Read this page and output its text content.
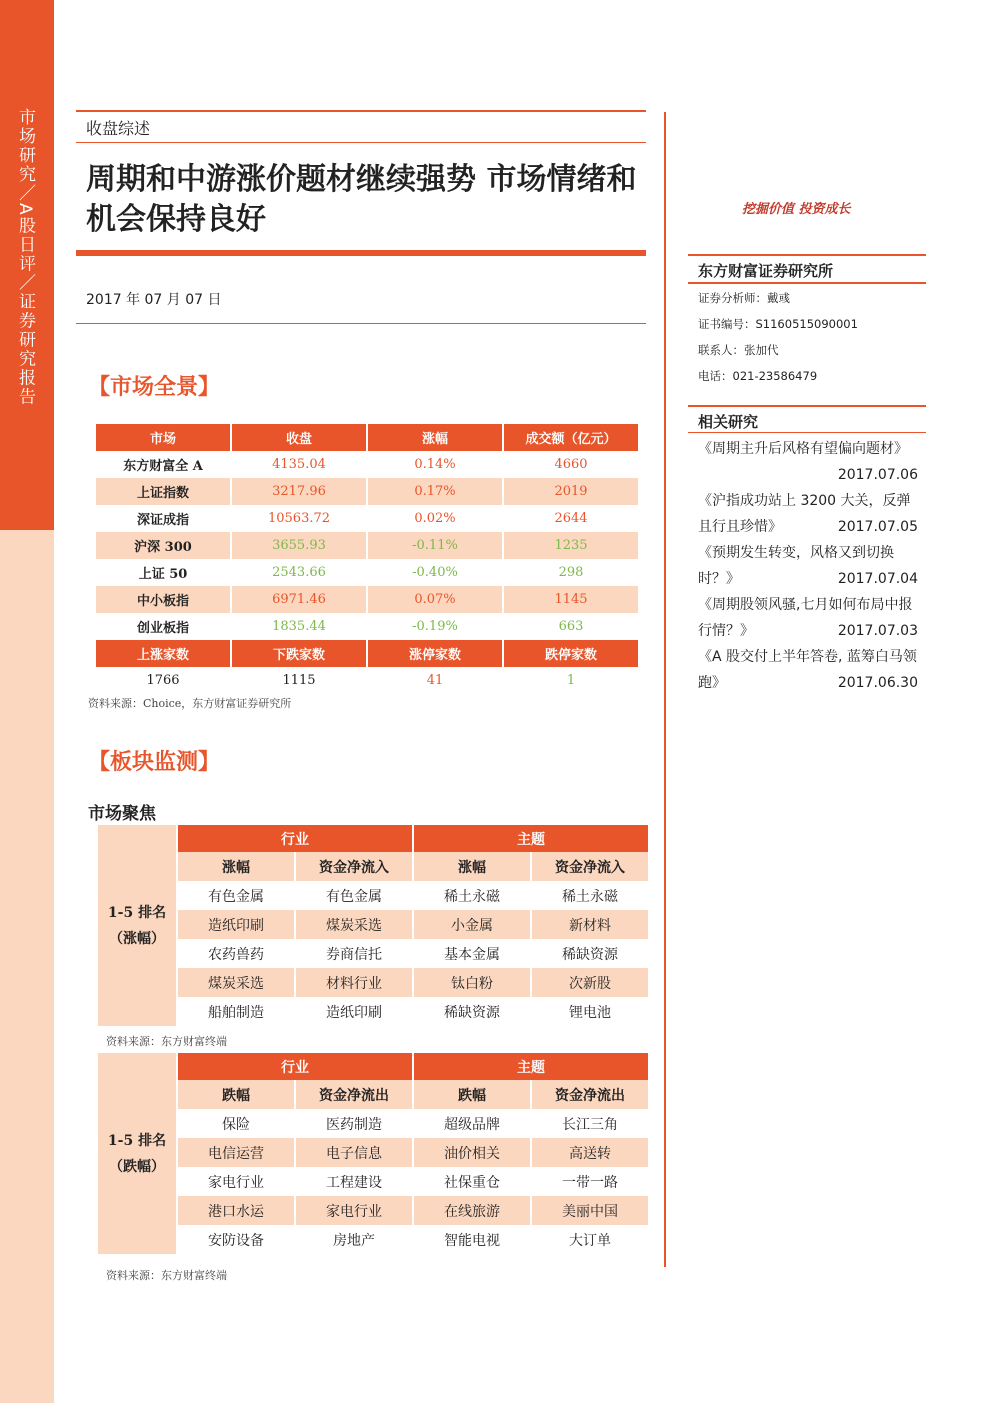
市场研究／A股日评／证券研究报告	收盘综述
周期和中游涨价题材继续强势 市场情绪和机会保持良好
2017 年 07 月 07 日
【市场全景】
市场	收盘	涨幅	成交额（亿元）
东方财富全 A	4135.04	0.14%	4660
上证指数	3217.96	0.17%	2019
深证成指	10563.72	0.02%	2644
沪深 300	3655.93	-0.11%	1235
上证 50	2543.66	-0.40%	298
中小板指	6971.46	0.07%	1145
创业板指	1835.44	-0.19%	663
上涨家数	下跌家数	涨停家数	跌停家数
1766	1115	41	1
资料来源：Choice，东方财富证券研究所
【板块监测】
市场聚焦
1-5 排名
（涨幅）	行业		主题	
	涨幅	资金净流入	涨幅	资金净流入
	有色金属	有色金属	稀土永磁	稀土永磁
	造纸印刷	煤炭采选	小金属	新材料
	农药兽药	券商信托	基本金属	稀缺资源
	煤炭采选	材料行业	钛白粉	次新股
	船舶制造	造纸印刷	稀缺资源	锂电池
资料来源：东方财富终端
1-5 排名
（跌幅）	行业		主题	
	跌幅	资金净流出	跌幅	资金净流出
	保险	医药制造	超级品牌	长江三角
	电信运营	电子信息	油价相关	高送转
	家电行业	工程建设	社保重仓	一带一路
	港口水运	家电行业	在线旅游	美丽中国
	安防设备	房地产	智能电视	大订单
资料来源：东方财富终端
挖掘价值 投资成长
东方财富证券研究所
证券分析师：戴彧
证书编号：S1160515090001
联系人：张加代
电话：021-23586479
相关研究
《周期主升后风格有望偏向题材》
2017.07.06
《沪指成功站上 3200 大关，反弹且行且珍惜》	2017.07.05
《预期发生转变，风格又到切换时？》	2017.07.04
《周期股领风骚,七月如何布局中报行情？》	2017.07.03
《A 股交付上半年答卷, 蓝筹白马领跑》	2017.06.30
